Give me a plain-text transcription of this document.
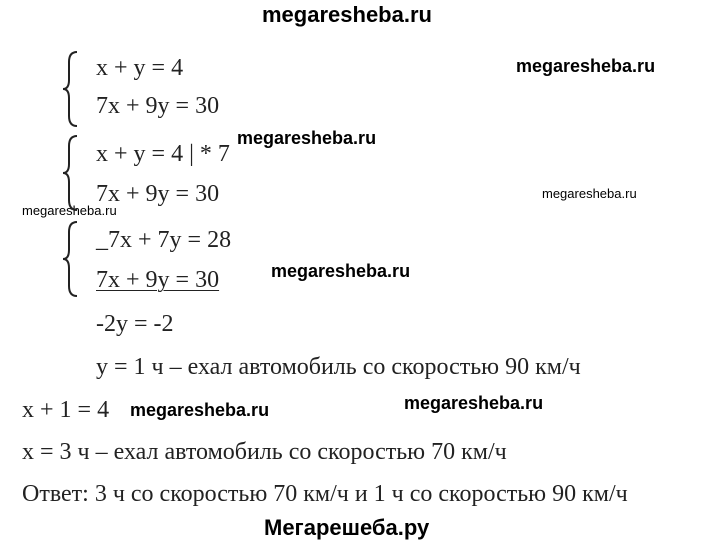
megaresheba.ru
megaresheba.ru
megaresheba.ru
megaresheba.ru
megaresheba.ru
megaresheba.ru
megaresheba.ru
megaresheba.ru
Мегарешеба.ру
x + y = 4
7x + 9y = 30
x + y = 4 | * 7
7x + 9y = 30
_7x + 7y = 28
7x + 9y = 30
-2y = -2
y = 1 ч – ехал автомобиль со скоростью 90 км/ч
x + 1 = 4
x = 3 ч – ехал автомобиль со скоростью 70 км/ч
Ответ: 3 ч со скоростью 70 км/ч и 1 ч со скоростью 90 км/ч
